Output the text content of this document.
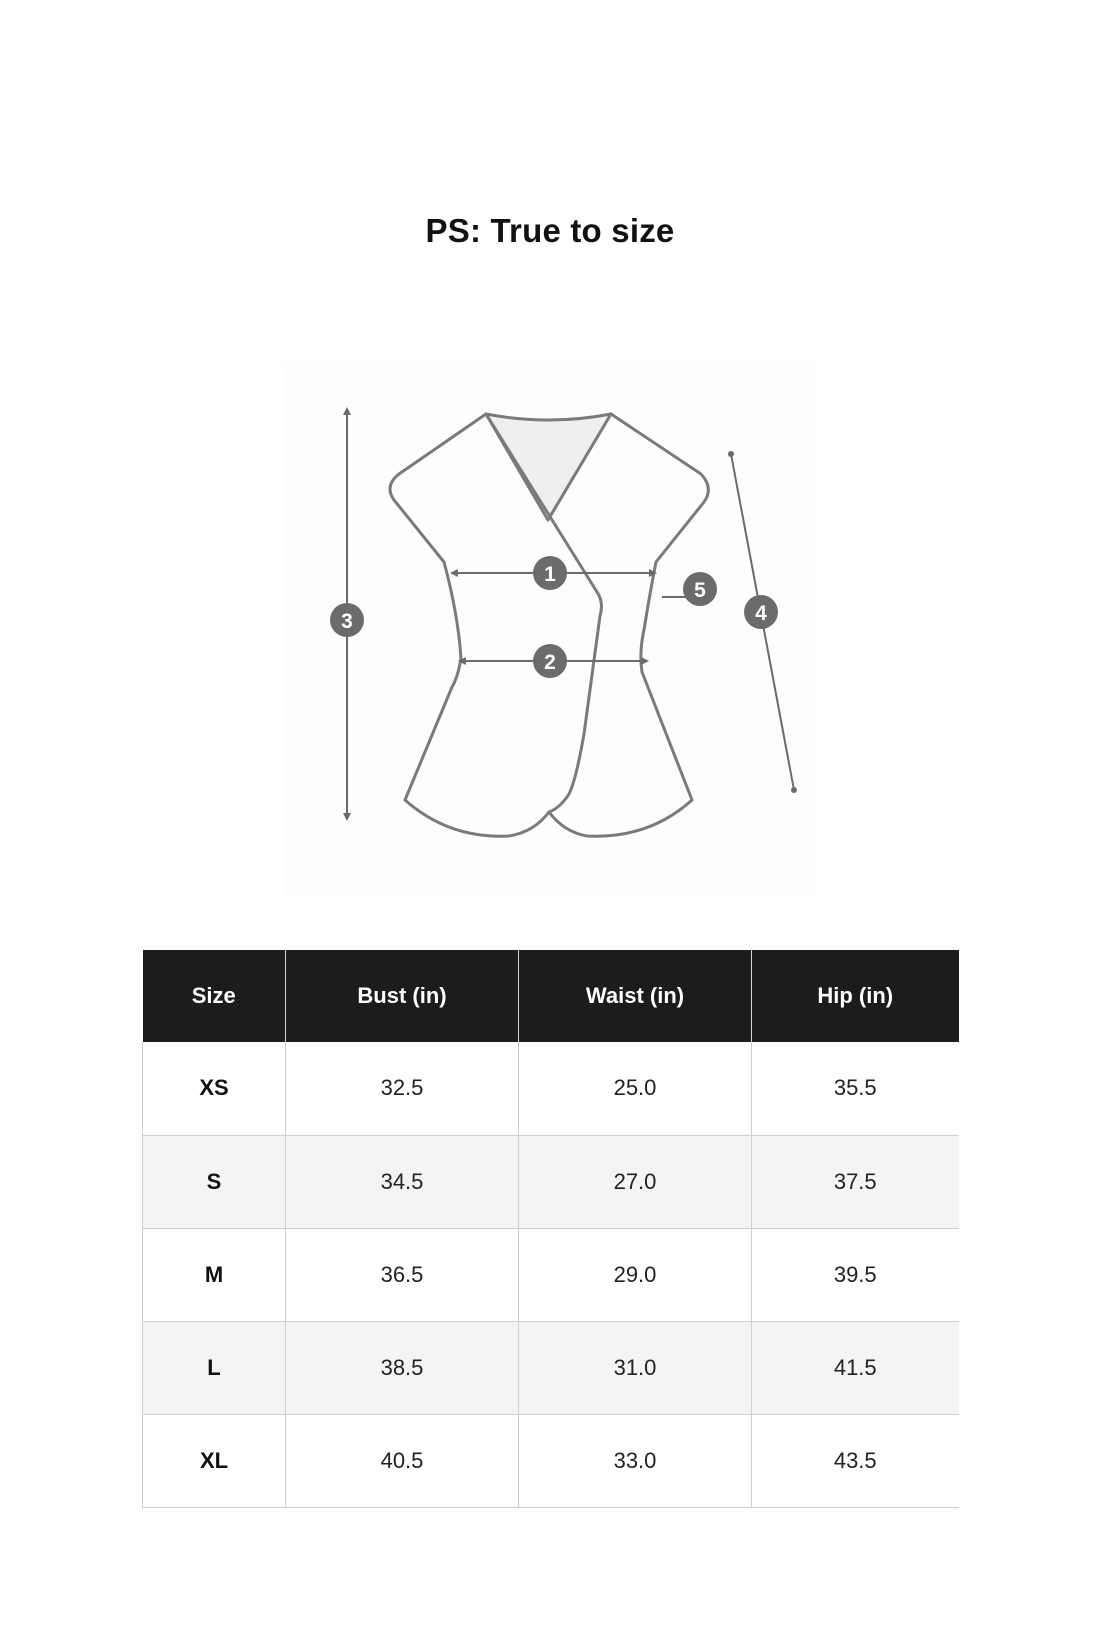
PS: True to size
1
2
3	4
5
Size	Bust (in)	Waist (in)	Hip (in)
XS	32.5	25.0	35.5
S	34.5	27.0	37.5
M	36.5	29.0	39.5
L	38.5	31.0	41.5
XL	40.5	33.0	43.5
